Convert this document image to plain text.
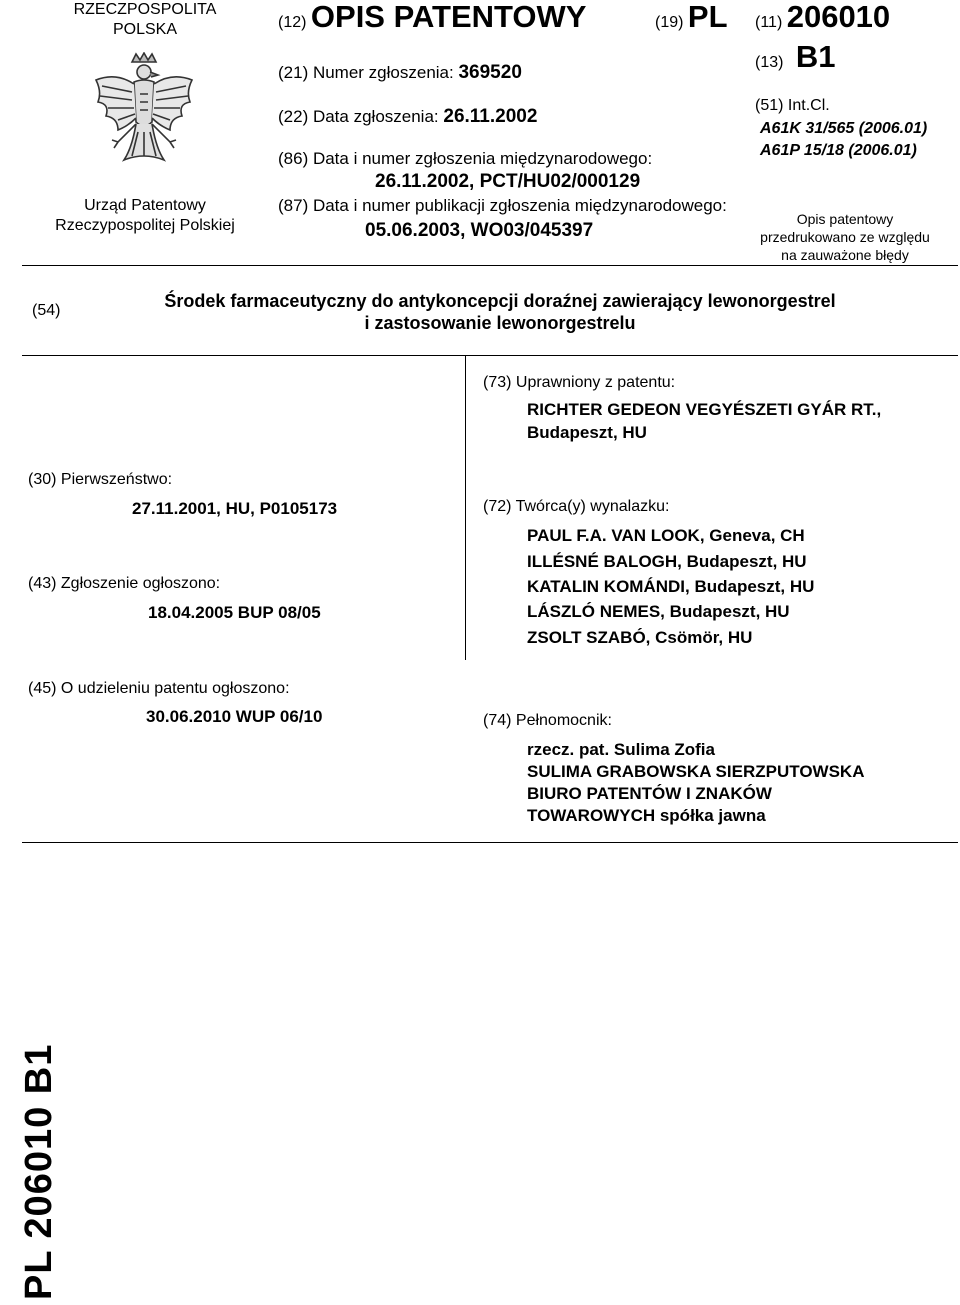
RZECZPOSPOLITA
POLSKA
Urząd Patentowy
Rzeczypospolitej Polskiej
(12) OPIS PATENTOWY	(19) PL
(21) Numer zgłoszenia: 369520
(22) Data zgłoszenia: 26.11.2002
(86) Data i numer zgłoszenia międzynarodowego:
26.11.2002, PCT/HU02/000129
(87) Data i numer publikacji zgłoszenia międzynarodowego:
05.06.2003, WO03/045397
(11) 206010
(13) B1
(51) Int.Cl.
A61K 31/565 (2006.01)
A61P 15/18 (2006.01)
Opis patentowy
przedrukowano ze względu
na zauważone błędy
(54)	Środek farmaceutyczny do antykoncepcji doraźnej zawierający lewonorgestrel
i zastosowanie lewonorgestrelu
(73) Uprawniony z patentu:
RICHTER GEDEON VEGYÉSZETI GYÁR RT.,
Budapeszt, HU
(72) Twórca(y) wynalazku:
PAUL F.A. VAN LOOK, Geneva, CH
ILLÉSNÉ BALOGH, Budapeszt, HU
KATALIN KOMÁNDI, Budapeszt, HU
LÁSZLÓ NEMES, Budapeszt, HU
ZSOLT SZABÓ, Csömör, HU
(74) Pełnomocnik:
rzecz. pat. Sulima Zofia
SULIMA GRABOWSKA SIERZPUTOWSKA
BIURO PATENTÓW I ZNAKÓW
TOWAROWYCH spółka jawna
(30) Pierwszeństwo:
27.11.2001, HU, P0105173
(43) Zgłoszenie ogłoszono:
18.04.2005 BUP 08/05
(45) O udzieleniu patentu ogłoszono:
30.06.2010 WUP 06/10
PL 206010 B1
